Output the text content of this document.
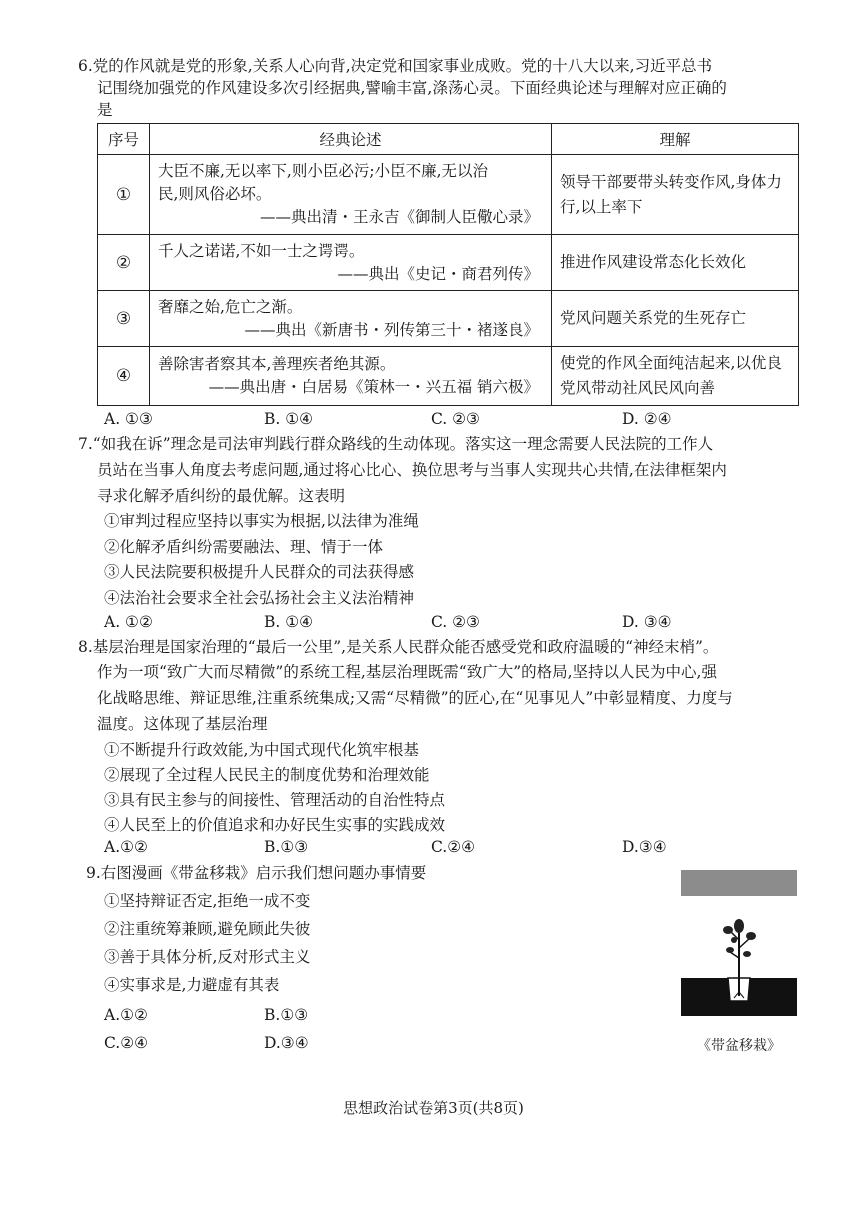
6.党的作风就是党的形象,关系人心向背,决定党和国家事业成败。党的十八大以来,习近平总书
记围绕加强党的作风建设多次引经据典,譬喻丰富,涤荡心灵。下面经典论述与理解对应正确的
是
序号	经典论述	理解
①	大臣不廉,无以率下,则小臣必污;小臣不廉,无以治
民,则风俗必坏。
——典出清・王永吉《御制人臣儆心录》	领导干部要带头转变作风,身体力行,以上率下
②	千人之诺诺,不如一士之谔谔。
——典出《史记・商君列传》	推进作风建设常态化长效化
③	奢靡之始,危亡之渐。
——典出《新唐书・列传第三十・褚遂良》	党风问题关系党的生死存亡
④	善除害者察其本,善理疾者绝其源。
——典出唐・白居易《策林一・兴五福 销六极》	使党的作风全面纯洁起来,以优良党风带动社风民风向善
A. ①③	B. ①④	C. ②③	D. ②④
7.“如我在诉”理念是司法审判践行群众路线的生动体现。落实这一理念需要人民法院的工作人
员站在当事人角度去考虑问题,通过将心比心、换位思考与当事人实现共心共情,在法律框架内
寻求化解矛盾纠纷的最优解。这表明
①审判过程应坚持以事实为根据,以法律为准绳
②化解矛盾纠纷需要融法、理、情于一体
③人民法院要积极提升人民群众的司法获得感
④法治社会要求全社会弘扬社会主义法治精神
A. ①②	B. ①④	C. ②③	D. ③④
8.基层治理是国家治理的“最后一公里”,是关系人民群众能否感受党和政府温暖的“神经末梢”。
作为一项“致广大而尽精微”的系统工程,基层治理既需“致广大”的格局,坚持以人民为中心,强
化战略思维、辩证思维,注重系统集成;又需“尽精微”的匠心,在“见事见人”中彰显精度、力度与
温度。这体现了基层治理
①不断提升行政效能,为中国式现代化筑牢根基
②展现了全过程人民民主的制度优势和治理效能
③具有民主参与的间接性、管理活动的自治性特点
④人民至上的价值追求和办好民生实事的实践成效
A.①②	B.①③	C.②④	D.③④
9.右图漫画《带盆移栽》启示我们想问题办事情要
①坚持辩证否定,拒绝一成不变
②注重统筹兼顾,避免顾此失彼
③善于具体分析,反对形式主义
④实事求是,力避虚有其表
A.①②	B.①③
C.②④	D.③④	《带盆移栽》
思想政治试卷第3页(共8页)
